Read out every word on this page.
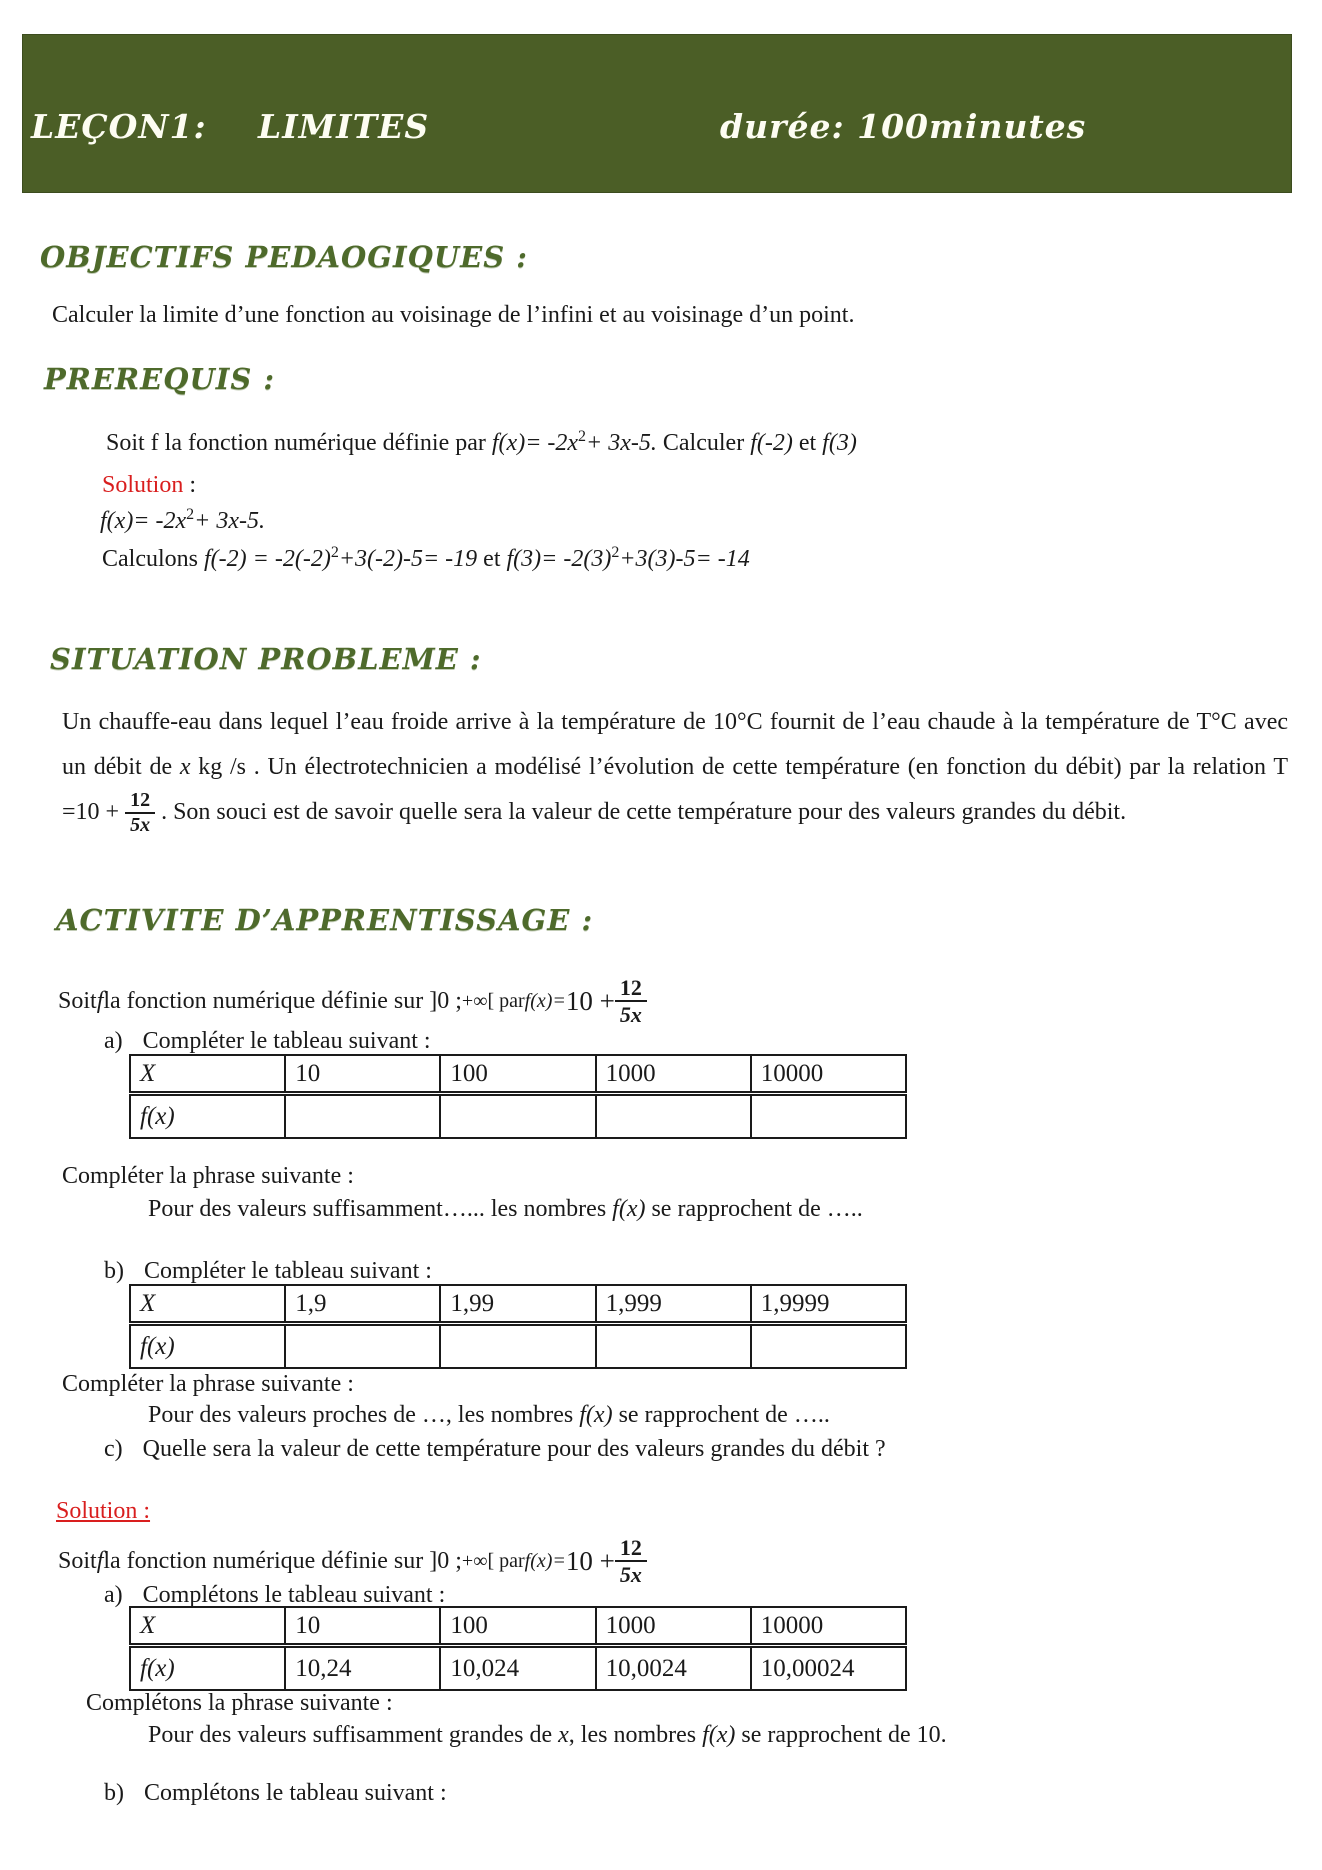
LEÇON1: LIMITES	durée: 100minutes
OBJECTIFS PEDAOGIQUES :
Calculer la limite d’une fonction au voisinage de l’infini et au voisinage d’un point.
PREREQUIS :
Soit f la fonction numérique définie par $f(x)= -2x^2+ 3x-5$. Calculer f(-2) et f(3)
Solution :
$f(x)= -2x^2+ 3x-5$.
Calculons $f(-2) = -2(-2)^2+3(-2)-5= -19$ et $f(3)= -2(3)^2+3(3)-5= -14$
SITUATION PROBLEME :
Un chauffe-eau dans lequel l’eau froide arrive à la température de 10°C fournit de l’eau chaude à la température de T°C avec un débit de x kg /s . Un électrotechnicien a modélisé l’évolution de cette température (en fonction du débit) par la relation $T =10 + \frac{12}{5x}$ . Son souci est de savoir quelle sera la valeur de cette température pour des valeurs grandes du débit.
ACTIVITE D’APPRENTISSAGE :
Soit f la fonction numérique définie sur ]0 ; +∞[ par $f(x)= 10 + \frac{12}{5x}$
a) Compléter le tableau suivant :
X	10	100	1000	10000
f(x)				
Compléter la phrase suivante :
Pour des valeurs suffisamment…... les nombres f(x) se rapprochent de …..
b) Compléter le tableau suivant :
X	1,9	1,99	1,999	1,9999
f(x)				
Compléter la phrase suivante :
Pour des valeurs proches de …, les nombres f(x) se rapprochent de …..
c) Quelle sera la valeur de cette température pour des valeurs grandes du débit ?
Solution :
Soit f la fonction numérique définie sur ]0 ; +∞[ par $f(x)= 10 + \frac{12}{5x}$
a) Complétons le tableau suivant :
X	10	100	1000	10000
f(x)	10,24	10,024	10,0024	10,00024
Complétons la phrase suivante :
Pour des valeurs suffisamment grandes de x, les nombres f(x) se rapprochent de 10.
b) Complétons le tableau suivant :
